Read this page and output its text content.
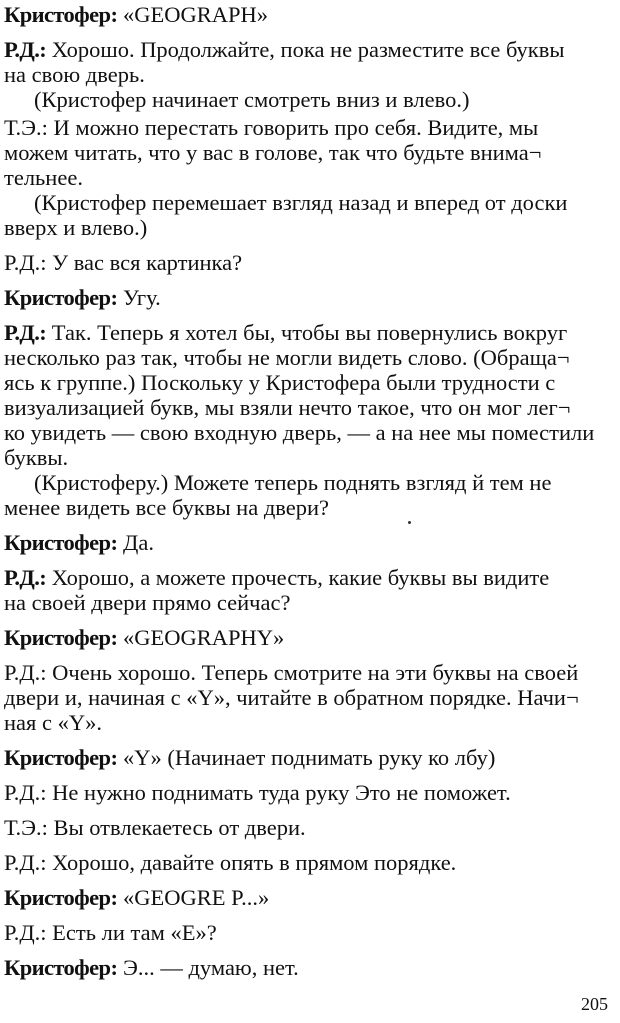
Кристофер: «GEOGRAPH»
Р.Д.: Хорошо. Продолжайте, пока не разместите все буквы
на свою дверь.
(Кристофер начинает смотреть вниз и влево.)
Т.Э.: И можно перестать говорить про себя. Видите, мы
можем читать, что у вас в голове, так что будьте внима¬
тельнее.
(Кристофер перемешает взгляд назад и вперед от доски
вверх и влево.)
Р.Д.: У вас вся картинка?
Кристофер: Угу.
Р.Д.: Так. Теперь я хотел бы, чтобы вы повернулись вокруг
несколько раз так, чтобы не могли видеть слово. (Обраща¬
ясь к группе.) Поскольку у Кристофера были трудности с
визуализацией букв, мы взяли нечто такое, что он мог лег¬
ко увидеть — свою входную дверь, — а на нее мы поместили
буквы.
(Кристоферу.) Можете теперь поднять взгляд й тем не
менее видеть все буквы на двери?
Кристофер: Да.
Р.Д.: Хорошо, а можете прочесть, какие буквы вы видите
на своей двери прямо сейчас?
Кристофер: «GEOGRAPHY»
Р.Д.: Очень хорошо. Теперь смотрите на эти буквы на своей
двери и, начиная с «Y», читайте в обратном порядке. Начи¬
ная с «Y».
Кристофер: «Y» (Начинает поднимать руку ко лбу)
Р.Д.: Не нужно поднимать туда руку Это не поможет.
Т.Э.: Вы отвлекаетесь от двери.
Р.Д.: Хорошо, давайте опять в прямом порядке.
Кристофер: «GEOGRE P...»
Р.Д.: Есть ли там «Е»?
Кристофер: Э... — думаю, нет.
205
